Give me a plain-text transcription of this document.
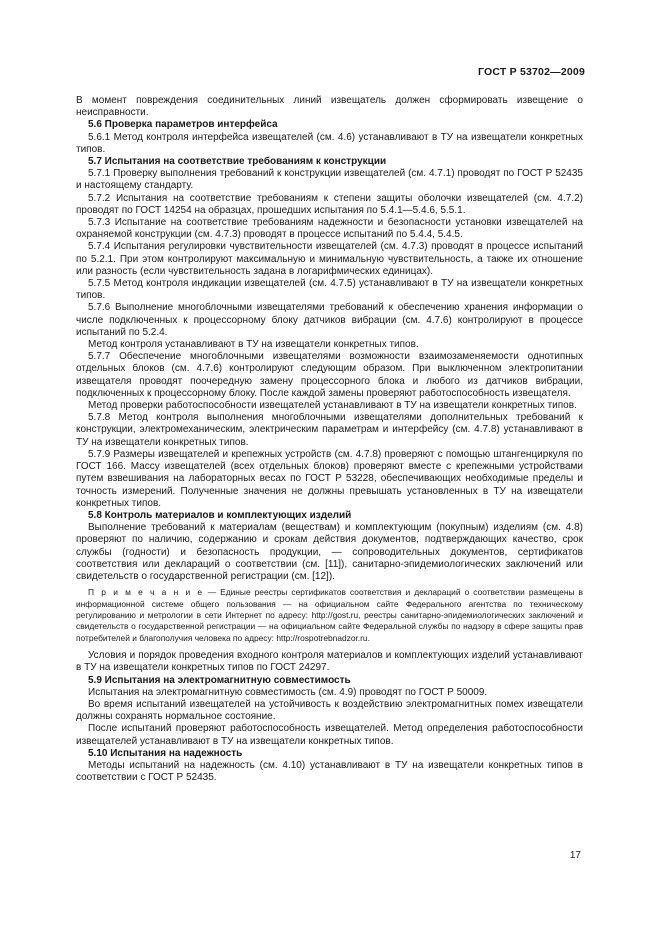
ГОСТ Р 53702—2009

В момент повреждения соединительных линий извещатель должен сформировать извещение о неисправности.

5.6 Проверка параметров интерфейса

5.6.1 Метод контроля интерфейса извещателей (см. 4.6) устанавливают в ТУ на извещатели конкретных типов.

5.7 Испытания на соответствие требованиям к конструкции

5.7.1 Проверку выполнения требований к конструкции извещателей (см. 4.7.1) проводят по ГОСТ Р 52435 и настоящему стандарту.

5.7.2 Испытания на соответствие требованиям к степени защиты оболочки извещателей (см. 4.7.2) проводят по ГОСТ 14254 на образцах, прошедших испытания по 5.4.1—5.4.6, 5.5.1.

5.7.3 Испытание на соответствие требованиям надежности и безопасности установки извещателей на охраняемой конструкции (см. 4.7.3) проводят в процессе испытаний по 5.4.4, 5.4.5.

5.7.4 Испытания регулировки чувствительности извещателей (см. 4.7.3) проводят в процессе испытаний по 5.2.1. При этом контролируют максимальную и минимальную чувствительность, а также их отношение или разность (если чувствительность задана в логарифмических единицах).

5.7.5 Метод контроля индикации извещателей (см. 4.7.5) устанавливают в ТУ на извещатели конкретных типов.

5.7.6 Выполнение многоблочными извещателями требований к обеспечению хранения информации о числе подключенных к процессорному блоку датчиков вибрации (см. 4.7.6) контролируют в процессе испытаний по 5.2.4.

Метод контроля устанавливают в ТУ на извещатели конкретных типов.

5.7.7 Обеспечение многоблочными извещателями возможности взаимозаменяемости однотипных отдельных блоков (см. 4.7.6) контролируют следующим образом. При выключенном электропитании извещателя проводят поочередную замену процессорного блока и любого из датчиков вибрации, подключенных к процессорному блоку. После каждой замены проверяют работоспособность извещателя.

Метод проверки работоспособности извещателей устанавливают в ТУ на извещатели конкретных типов.

5.7.8 Метод контроля выполнения многоблочными извещателями дополнительных требований к конструкции, электромеханическим, электрическим параметрам и интерфейсу (см. 4.7.8) устанавливают в ТУ на извещатели конкретных типов.

5.7.9 Размеры извещателей и крепежных устройств (см. 4.7.8) проверяют с помощью штангенциркуля по ГОСТ 166. Массу извещателей (всех отдельных блоков) проверяют вместе с крепежными устройствами путем взвешивания на лабораторных весах по ГОСТ Р 53228, обеспечивающих необходимые пределы и точность измерений. Полученные значения не должны превышать установленных в ТУ на извещатели конкретных типов.

5.8 Контроль материалов и комплектующих изделий

Выполнение требований к материалам (веществам) и комплектующим (покупным) изделиям (см. 4.8) проверяют по наличию, содержанию и срокам действия документов, подтверждающих качество, срок службы (годности) и безопасность продукции, — сопроводительных документов, сертификатов соответствия или деклараций о соответствии (см. [11]), санитарно-эпидемиологических заключений или свидетельств о государственной регистрации (см. [12]).

П р и м е ч а н и е — Единые реестры сертификатов соответствия и деклараций о соответствии размещены в информационной системе общего пользования — на официальном сайте Федерального агентства по техническому регулированию и метрологии в сети Интернет по адресу: http://gost.ru, реестры санитарно-эпидемиологических заключений и свидетельств о государственной регистрации — на официальном сайте Федеральной службы по надзору в сфере защиты прав потребителей и благополучия человека по адресу: http://rospotrebnadzor.ru.

Условия и порядок проведения входного контроля материалов и комплектующих изделий устанавливают в ТУ на извещатели конкретных типов по ГОСТ 24297.

5.9 Испытания на электромагнитную совместимость

Испытания на электромагнитную совместимость (см. 4.9) проводят по ГОСТ Р 50009.

Во время испытаний извещателей на устойчивость к воздействию электромагнитных помех извещатели должны сохранять нормальное состояние.

После испытаний проверяют работоспособность извещателей. Метод определения работоспособности извещателей устанавливают в ТУ на извещатели конкретных типов.

5.10 Испытания на надежность

Методы испытаний на надежность (см. 4.10) устанавливают в ТУ на извещатели конкретных типов в соответствии с ГОСТ Р 52435.

17
